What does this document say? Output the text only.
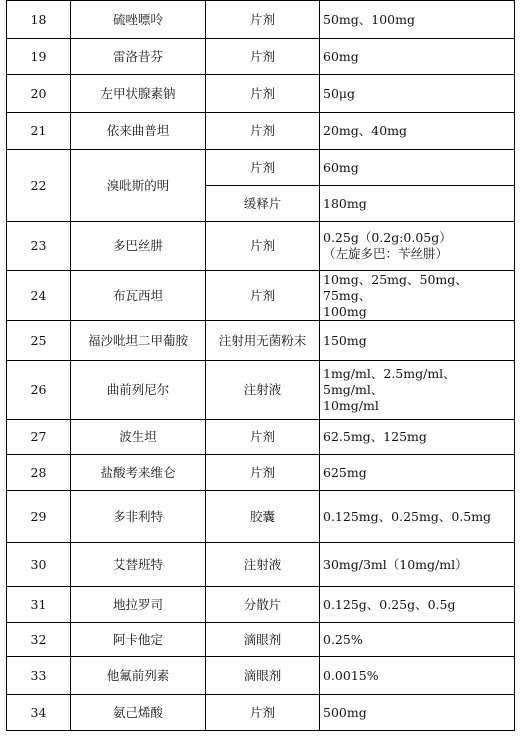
18	硫唑嘌呤	片剂	50mg、100mg

19	雷洛昔芬	片剂	60mg

20	左甲状腺素钠	片剂	50μg

21	依来曲普坦	片剂	20mg、40mg

22	溴吡斯的明	片剂	60mg

		缓释片	180mg

23	多巴丝肼	片剂	0.25g（0.2g:0.05g）
（左旋多巴：苄丝肼）

24	布瓦西坦	片剂	10mg、25mg、50mg、75mg、
100mg

25	福沙吡坦二甲葡胺	注射用无菌粉末	150mg

26	曲前列尼尔	注射液	1mg/ml、2.5mg/ml、5mg/ml、
10mg/ml

27	波生坦	片剂	62.5mg、125mg

28	盐酸考来维仑	片剂	625mg

29	多非利特	胶囊	0.125mg、0.25mg、0.5mg

30	艾替班特	注射液	30mg/3ml（10mg/ml）

31	地拉罗司	分散片	0.125g、0.25g、0.5g

32	阿卡他定	滴眼剂	0.25%

33	他氟前列素	滴眼剂	0.0015%

34	氨己烯酸	片剂	500mg
